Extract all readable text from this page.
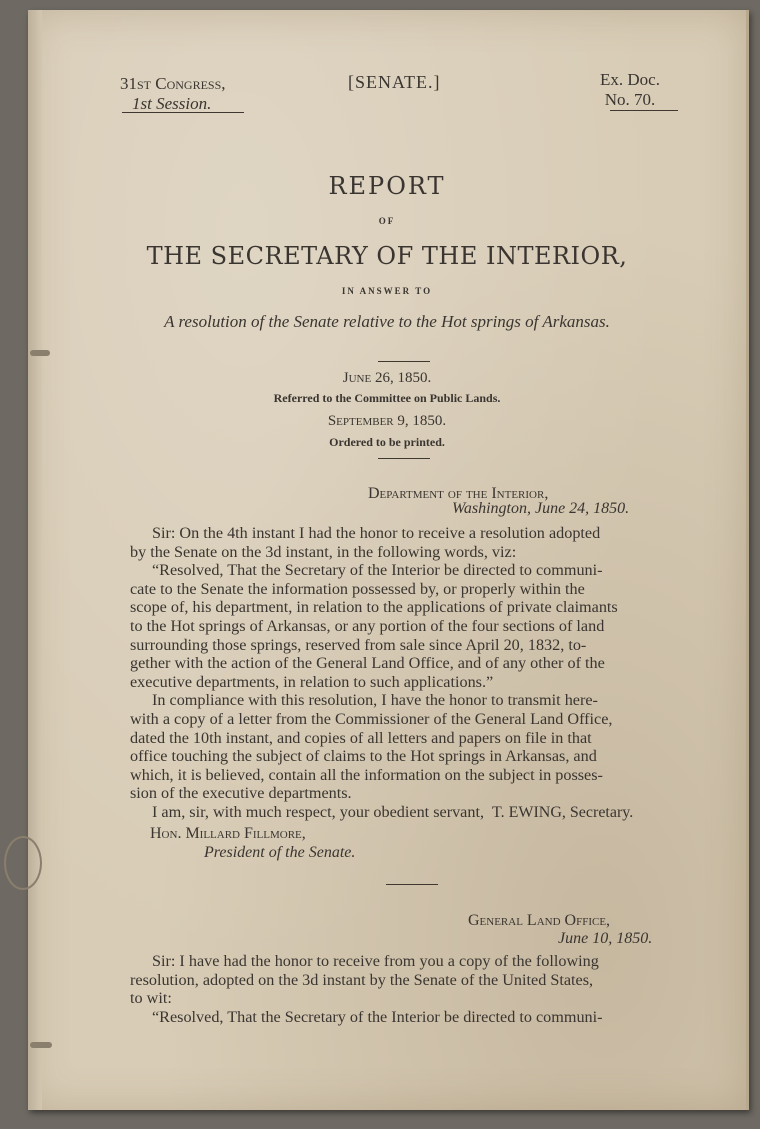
31st Congress,
1st Session.
[SENATE.]	Ex. Doc.
No. 70.
REPORT
OF
THE SECRETARY OF THE INTERIOR,
IN ANSWER TO
A resolution of the Senate relative to the Hot springs of Arkansas.
June 26, 1850.
Referred to the Committee on Public Lands.
September 9, 1850.
Ordered to be printed.
Department of the Interior,
Washington, June 24, 1850.
Sir: On the 4th instant I had the honor to receive a resolution adopted
by the Senate on the 3d instant, in the following words, viz:
“Resolved, That the Secretary of the Interior be directed to communi-
cate to the Senate the information possessed by, or properly within the
scope of, his department, in relation to the applications of private claimants
to the Hot springs of Arkansas, or any portion of the four sections of land
surrounding those springs, reserved from sale since April 20, 1832, to-
gether with the action of the General Land Office, and of any other of the
executive departments, in relation to such applications.”
In compliance with this resolution, I have the honor to transmit here-
with a copy of a letter from the Commissioner of the General Land Office,
dated the 10th instant, and copies of all letters and papers on file in that
office touching the subject of claims to the Hot springs in Arkansas, and
which, it is believed, contain all the information on the subject in posses-
sion of the executive departments.
I am, sir, with much respect, your obedient servant, T. EWING, Secretary.
Hon. Millard Fillmore,
President of the Senate.
General Land Office,
June 10, 1850.
Sir: I have had the honor to receive from you a copy of the following
resolution, adopted on the 3d instant by the Senate of the United States,
to wit:
“Resolved, That the Secretary of the Interior be directed to communi-
